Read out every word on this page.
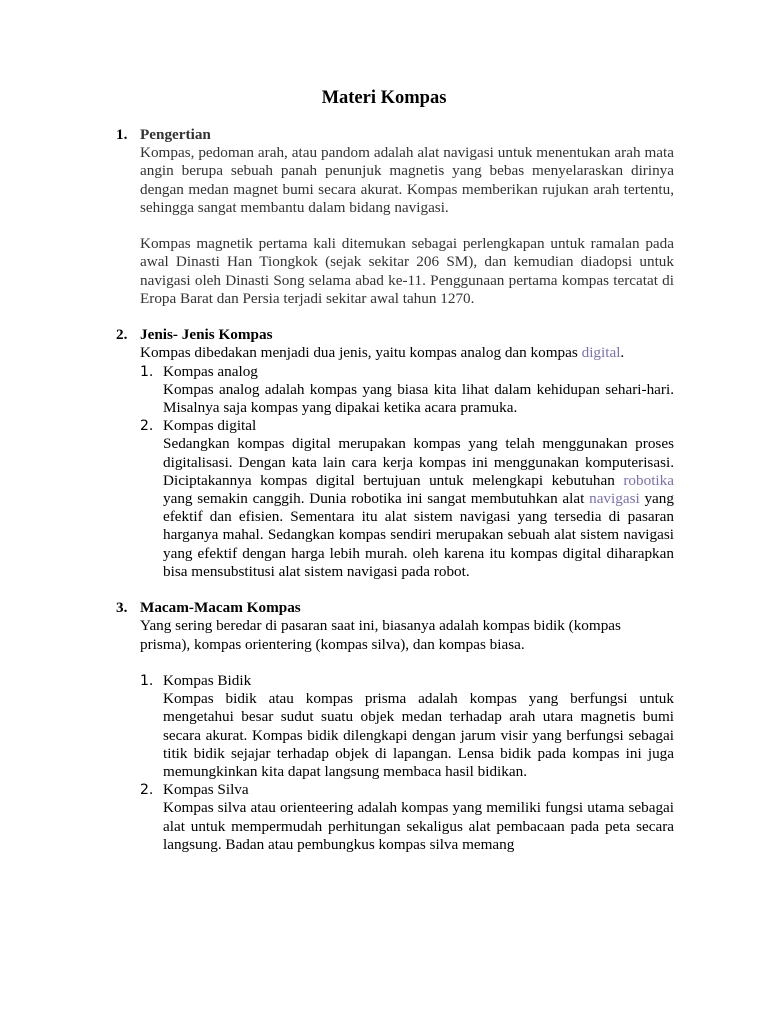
Materi Kompas
1. Pengertian
Kompas, pedoman arah, atau pandom adalah alat navigasi untuk menentukan arah mata angin berupa sebuah panah penunjuk magnetis yang bebas menyelaraskan dirinya dengan medan magnet bumi secara akurat. Kompas memberikan rujukan arah tertentu, sehingga sangat membantu dalam bidang navigasi.
Kompas magnetik pertama kali ditemukan sebagai perlengkapan untuk ramalan pada awal Dinasti Han Tiongkok (sejak sekitar 206 SM), dan kemudian diadopsi untuk navigasi oleh Dinasti Song selama abad ke-11. Penggunaan pertama kompas tercatat di Eropa Barat dan Persia terjadi sekitar awal tahun 1270.
2. Jenis- Jenis Kompas
Kompas dibedakan menjadi dua jenis, yaitu kompas analog dan kompas digital.
1. Kompas analog
Kompas analog adalah kompas yang biasa kita lihat dalam kehidupan sehari-hari. Misalnya saja kompas yang dipakai ketika acara pramuka.
2. Kompas digital
Sedangkan kompas digital merupakan kompas yang telah menggunakan proses digitalisasi. Dengan kata lain cara kerja kompas ini menggunakan komputerisasi. Diciptakannya kompas digital bertujuan untuk melengkapi kebutuhan robotika yang semakin canggih. Dunia robotika ini sangat membutuhkan alat navigasi yang efektif dan efisien. Sementara itu alat sistem navigasi yang tersedia di pasaran harganya mahal. Sedangkan kompas sendiri merupakan sebuah alat sistem navigasi yang efektif dengan harga lebih murah. oleh karena itu kompas digital diharapkan bisa mensubstitusi alat sistem navigasi pada robot.
3. Macam-Macam Kompas
Yang sering beredar di pasaran saat ini, biasanya adalah kompas bidik (kompas prisma), kompas orientering (kompas silva), dan kompas biasa.
1. Kompas Bidik
Kompas bidik atau kompas prisma adalah kompas yang berfungsi untuk mengetahui besar sudut suatu objek medan terhadap arah utara magnetis bumi secara akurat. Kompas bidik dilengkapi dengan jarum visir yang berfungsi sebagai titik bidik sejajar terhadap objek di lapangan. Lensa bidik pada kompas ini juga memungkinkan kita dapat langsung membaca hasil bidikan.
2. Kompas Silva
Kompas silva atau orienteering adalah kompas yang memiliki fungsi utama sebagai alat untuk mempermudah perhitungan sekaligus alat pembacaan pada peta secara langsung. Badan atau pembungkus kompas silva memang
